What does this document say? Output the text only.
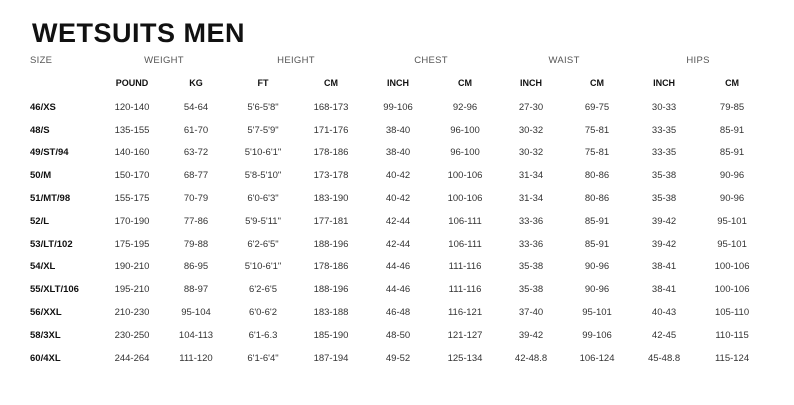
WETSUITS MEN
SIZE	WEIGHT		HEIGHT		CHEST		WAIST		HIPS	
	POUND	KG	FT	CM	INCH	CM	INCH	CM	INCH	CM
46/XS	120-140	54-64	5'6-5'8"	168-173	99-106	92-96	27-30	69-75	30-33	79-85
48/S	135-155	61-70	5'7-5'9"	171-176	38-40	96-100	30-32	75-81	33-35	85-91
49/ST/94	140-160	63-72	5'10-6'1"	178-186	38-40	96-100	30-32	75-81	33-35	85-91
50/M	150-170	68-77	5'8-5'10"	173-178	40-42	100-106	31-34	80-86	35-38	90-96
51/MT/98	155-175	70-79	6'0-6'3"	183-190	40-42	100-106	31-34	80-86	35-38	90-96
52/L	170-190	77-86	5'9-5'11"	177-181	42-44	106-111	33-36	85-91	39-42	95-101
53/LT/102	175-195	79-88	6'2-6'5"	188-196	42-44	106-111	33-36	85-91	39-42	95-101
54/XL	190-210	86-95	5'10-6'1"	178-186	44-46	111-116	35-38	90-96	38-41	100-106
55/XLT/106	195-210	88-97	6'2-6'5	188-196	44-46	111-116	35-38	90-96	38-41	100-106
56/XXL	210-230	95-104	6'0-6'2	183-188	46-48	116-121	37-40	95-101	40-43	105-110
58/3XL	230-250	104-113	6'1-6.3	185-190	48-50	121-127	39-42	99-106	42-45	110-115
60/4XL	244-264	111-120	6'1-6'4"	187-194	49-52	125-134	42-48.8	106-124	45-48.8	115-124
